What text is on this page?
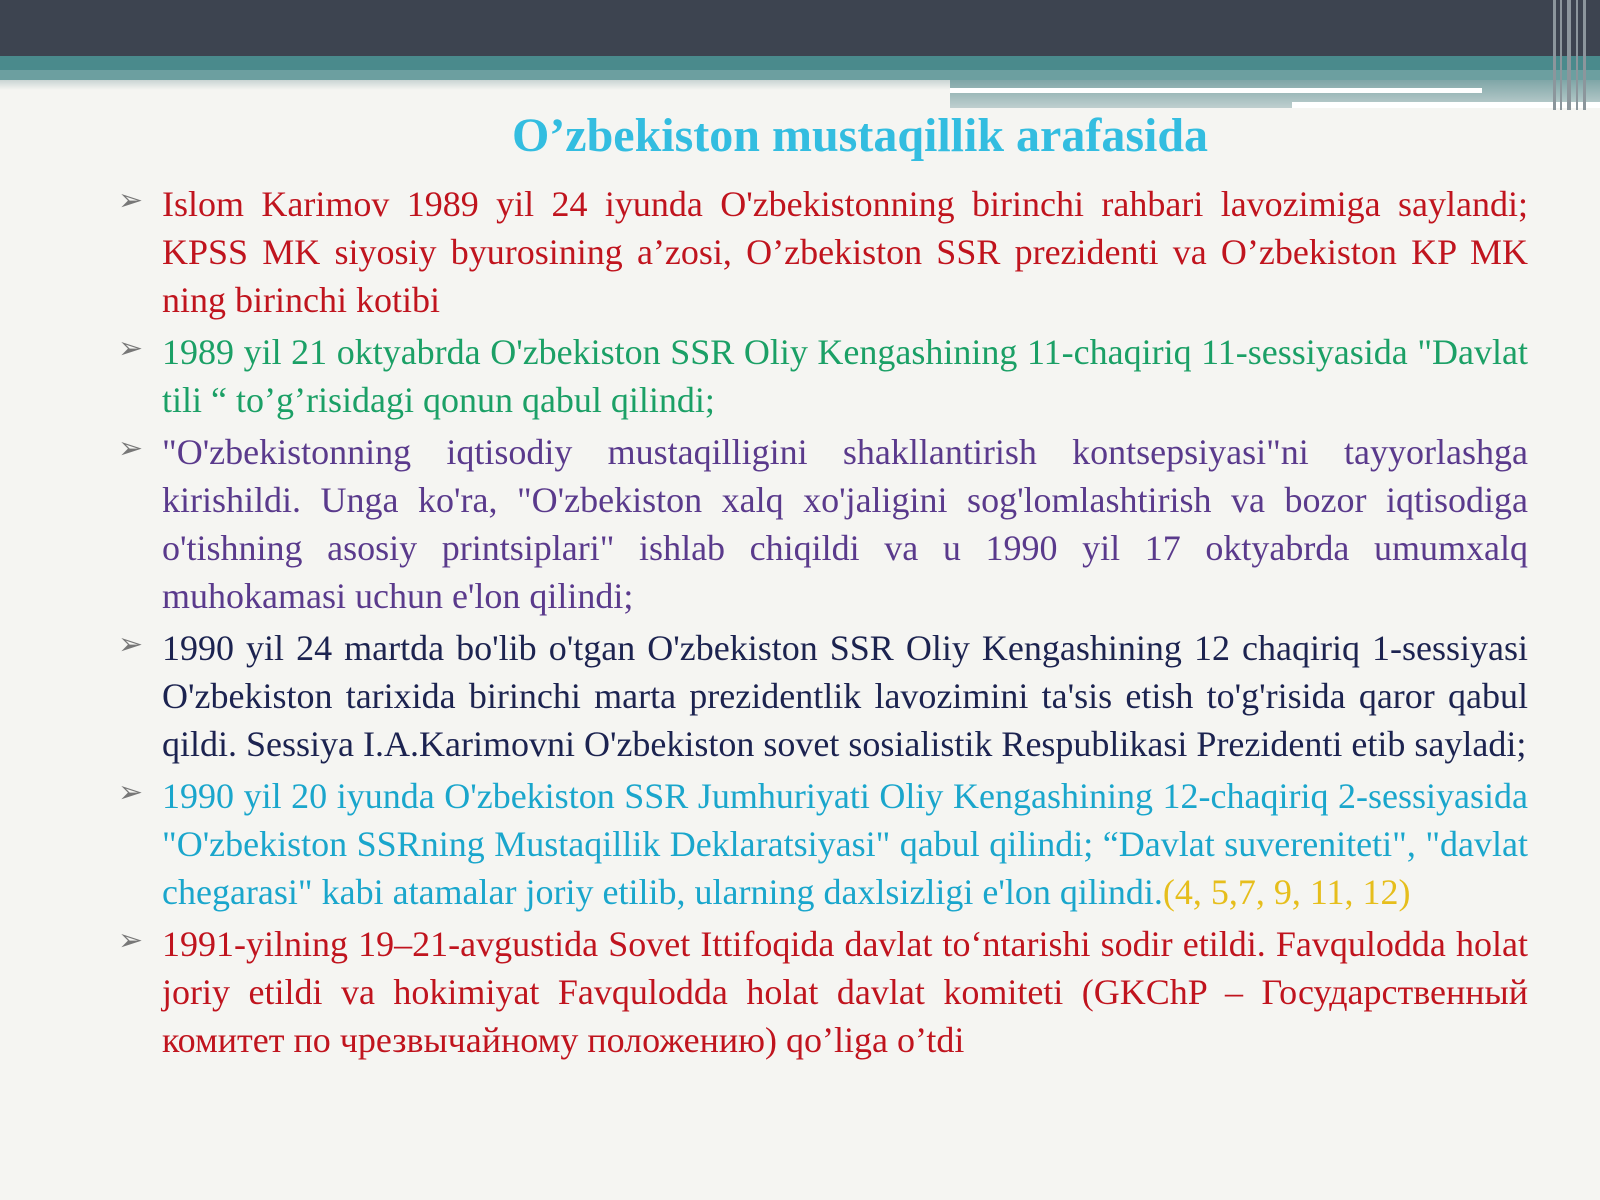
O’zbekiston mustaqillik arafasida
➢ Islom Karimov 1989 yil 24 iyunda O'zbekistonning birinchi rahbari lavozimiga saylandi; KPSS MK siyosiy byurosining a’zosi, O’zbekiston SSR prezidenti va O’zbekiston KP MK ning birinchi kotibi
➢ 1989 yil 21 oktyabrda O'zbekiston SSR Oliy Kengashining 11-chaqiriq 11-sessiyasida "Davlat tili “ to’g’risidagi qonun qabul qilindi;
➢ "O'zbekistonning iqtisodiy mustaqilligini shakllantirish kontsepsiyasi"ni tayyorlashga kirishildi. Unga ko'ra, "O'zbekiston xalq xo'jaligini sog'lomlashtirish va bozor iqtisodiga o'tishning asosiy printsiplari" ishlab chiqildi va u 1990 yil 17 oktyabrda umumxalq muhokamasi uchun e'lon qilindi;
➢ 1990 yil 24 martda bo'lib o'tgan O'zbekiston SSR Oliy Kengashining 12 chaqiriq 1-sessiyasi O'zbekiston tarixida birinchi marta prezidentlik lavozimini ta'sis etish to'g'risida qaror qabul qildi. Sessiya I.A.Karimovni O'zbekiston sovet sosialistik Respublikasi Prezidenti etib sayladi;
➢ 1990 yil 20 iyunda O'zbekiston SSR Jumhuriyati Oliy Kengashining 12-chaqiriq 2-sessiyasida "O'zbekiston SSRning Mustaqillik Deklaratsiyasi" qabul qilindi; “Davlat suvereniteti", "davlat chegarasi" kabi atamalar joriy etilib, ularning daxlsizligi e'lon qilindi.(4, 5,7, 9, 11, 12)
➢ 1991-yilning 19–21-avgustida Sovet Ittifoqida davlat to‘ntarishi sodir etildi. Favqulodda holat joriy etildi va hokimiyat Favqulodda holat davlat komiteti (GKChP – Государственный комитет по чрезвычайному положению) qo’liga o’tdi
